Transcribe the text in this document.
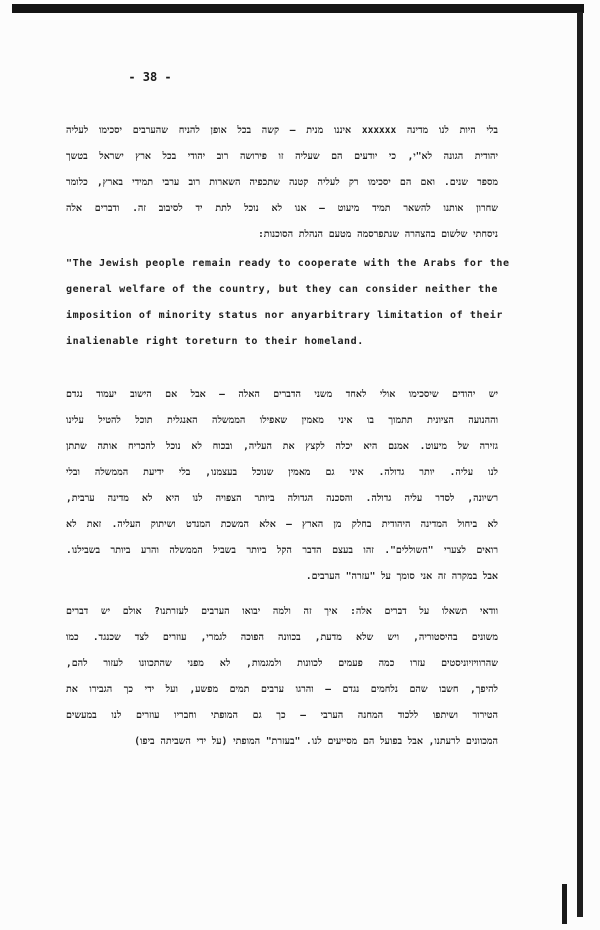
- 38 -
בלי היות לנו מדינה xxxxxx איננו מנית – קשה בכל אופן להניח שהערבים יסכימו לעליה
יהודית הגונה לא"י, כי יודעים הם שעליה זו פירושה רוב יהודי בכל ארץ ישראל בטשך
מספר שנים. ואם הם יסכימו רק לעליה קטנה שתכפיה השארות רוב ערבי תמידי בארץ, כלומר
שחרון אותנו להשאר תמיד מיעוט – אנו לא נוכל לתת יד לסיבוב זה. ודברים אלה
ניסחתי שלשום בהצהרה שנתפרסמה מטעם הנהלת הסוכנות:
"The Jewish people remain ready to cooperate with the Arabs for the
general welfare of the country, but they can consider neither the
imposition of minority status nor anyarbitrary limitation of their
inalienable right toreturn to their homeland.
יש יהודים שיסכימו אולי לאחד משני הדברים האלה – אבל אם הישוב יעמוד נגדם
וההנועה הציונית תתמוך בו איני מאמין שאפילו הממשלה האנגלית תוכל להטיל עלינו
גזירה של מיעוט. אמנם היא יכלה לקצץ את העליה, ובכוח לא נוכל להכריח אותה שתתן
לנו עליה. יותר גדולה. איני גם מאמין שנוכל בעצמנו, בלי ידיעת הממשלה ובלי
רשיונה, לסדר עליה גדולה. והסכנה הגדולה ביותר הצפויה לנו היא לא מדינה ערבית,
לא ביחול המדינה היהודית בחלק מן הארץ – אלא המשכת המנדט ושיתוק העליה. זאת לא
רואים לצערי "השוללים". זהו בעצם הדבר הקל ביותר בשביל הממשלה והרע ביותר בשבילנו.
אבל במקרה זה אני סומך על "עזרה" הערבים.
וודאי תשאלו על דברים אלה: איך זה ולמה יבואו הערבים לעזרתנו? אולם יש דברים
משונים בהיסטוריה, ויש שלא מדעת, בכוונה הפוכה לגמרי, עוזרים לצד שכנגד. כמו
שהרוויזיוניסטים עזרו כמה פעמים לכוונות ולמגמות, לא מפני שהתכוונו לעזור להם,
להיפך, חשבו שהם נלחמים נגדם – והרגו ערבים תמים מפשע, ועל ידי כך הגבירו את
הטירור ושיתפו ללכוד המחנה הערבי – כך גם המופתי וחבריו עוזרים לנו במעשים
המכוונים לרעתנו, אבל בפועל הם מסייעים לנו. "בעזרת" המופתי (על ידי השביתה ביפו)
